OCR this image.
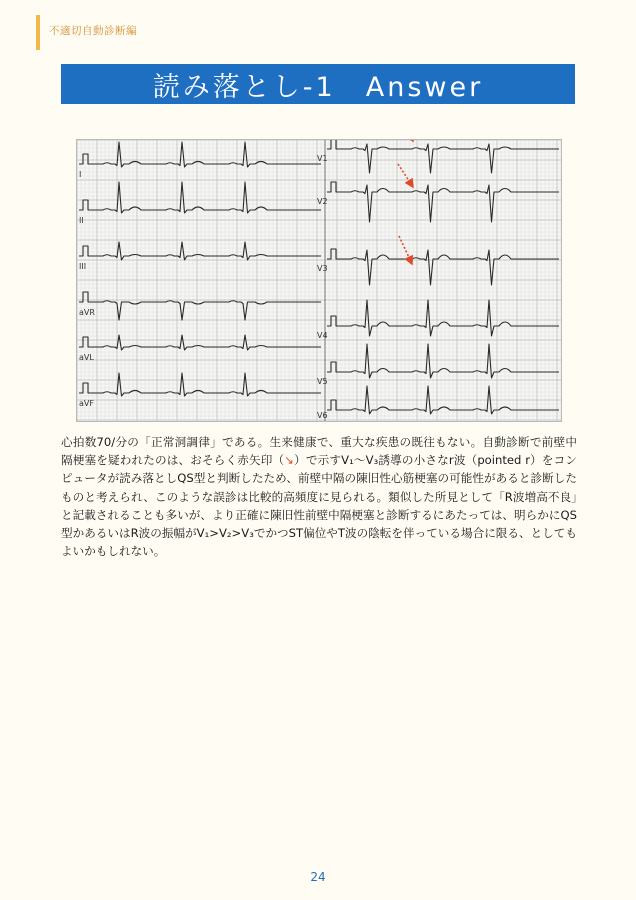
不適切自動診断編
読み落とし-1　Answer
I
II
III
aVR
aVL
aVF
V1
V2
V3
V4
V5
V6
心拍数70/分の「正常洞調律」である。生来健康で、重大な疾患の既往もない。自動診断で前壁中隔梗塞を疑われたのは、おそらく赤矢印（↘）で示すV₁〜V₃誘導の小さなr波（pointed r）をコンピュータが読み落としQS型と判断したため、前壁中隔の陳旧性心筋梗塞の可能性があると診断したものと考えられ、このような誤診は比較的高頻度に見られる。類似した所見として「R波増高不良」と記載されることも多いが、より正確に陳旧性前壁中隔梗塞と診断するにあたっては、明らかにQS型かあるいはR波の振幅がV₁>V₂>V₃でかつST偏位やT波の陰転を伴っている場合に限る、としてもよいかもしれない。
24
